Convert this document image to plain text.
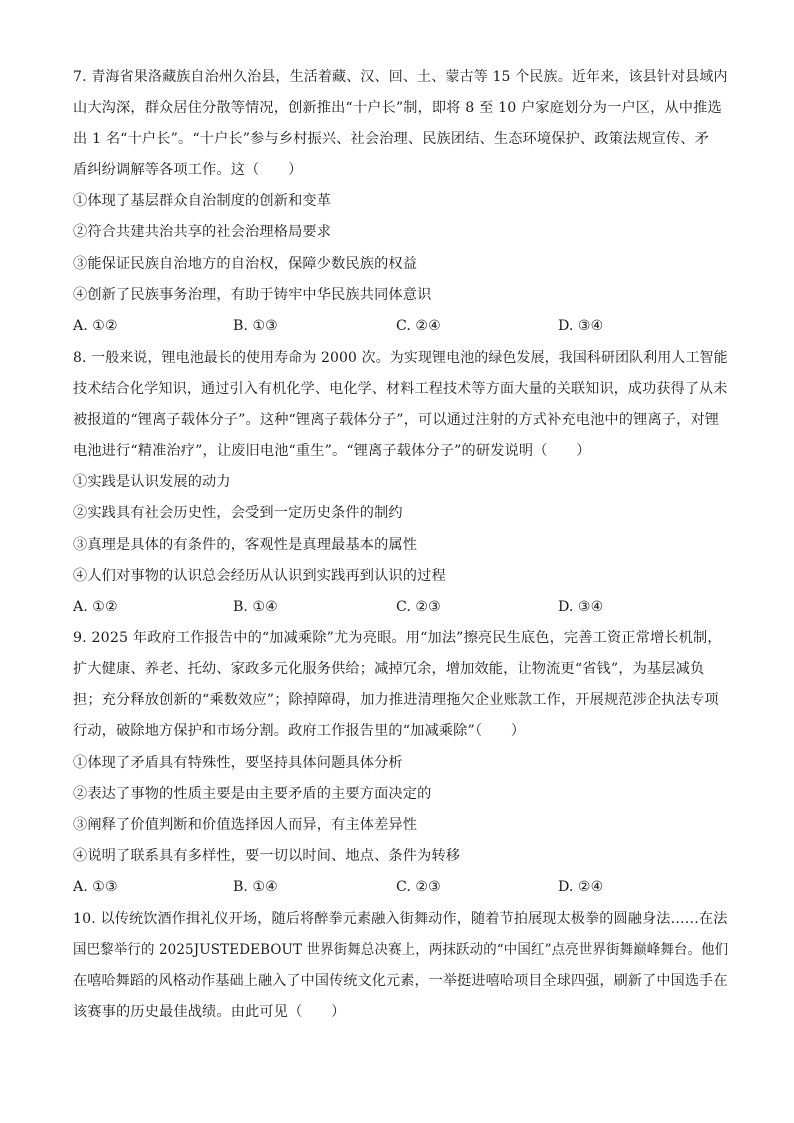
7. 青海省果洛藏族自治州久治县，生活着藏、汉、回、土、蒙古等 15 个民族。近年来，该县针对县域内
山大沟深，群众居住分散等情况，创新推出“十户长”制，即将 8 至 10 户家庭划分为一户区，从中推选
出 1 名“十户长”。“十户长”参与乡村振兴、社会治理、民族团结、生态环境保护、政策法规宣传、矛
盾纠纷调解等各项工作。这（　　）
①体现了基层群众自治制度的创新和变革
②符合共建共治共享的社会治理格局要求
③能保证民族自治地方的自治权，保障少数民族的权益
④创新了民族事务治理，有助于铸牢中华民族共同体意识
A. ①②	B. ①③	C. ②④	D. ③④
8. 一般来说，锂电池最长的使用寿命为 2000 次。为实现锂电池的绿色发展，我国科研团队利用人工智能
技术结合化学知识，通过引入有机化学、电化学、材料工程技术等方面大量的关联知识，成功获得了从未
被报道的“锂离子载体分子”。这种“锂离子载体分子”，可以通过注射的方式补充电池中的锂离子，对锂
电池进行“精准治疗”，让废旧电池“重生”。“锂离子载体分子”的研发说明（　　）
①实践是认识发展的动力
②实践具有社会历史性，会受到一定历史条件的制约
③真理是具体的有条件的，客观性是真理最基本的属性
④人们对事物的认识总会经历从认识到实践再到认识的过程
A. ①②	B. ①④	C. ②③	D. ③④
9. 2025 年政府工作报告中的“加减乘除”尤为亮眼。用“加法”擦亮民生底色，完善工资正常增长机制，
扩大健康、养老、托幼、家政多元化服务供给；减掉冗余，增加效能，让物流更“省钱”，为基层减负
担；充分释放创新的“乘数效应”；除掉障碍，加力推进清理拖欠企业账款工作，开展规范涉企执法专项
行动，破除地方保护和市场分割。政府工作报告里的“加减乘除”（　　）
①体现了矛盾具有特殊性，要坚持具体问题具体分析
②表达了事物的性质主要是由主要矛盾的主要方面决定的
③阐释了价值判断和价值选择因人而异，有主体差异性
④说明了联系具有多样性，要一切以时间、地点、条件为转移
A. ①③	B. ①④	C. ②③	D. ②④
10. 以传统饮酒作揖礼仪开场，随后将醉拳元素融入街舞动作，随着节拍展现太极拳的圆融身法……在法
国巴黎举行的 2025JUSTEDEBOUT 世界街舞总决赛上，两抹跃动的“中国红”点亮世界街舞巅峰舞台。他们
在嘻哈舞蹈的风格动作基础上融入了中国传统文化元素，一举挺进嘻哈项目全球四强，刷新了中国选手在
该赛事的历史最佳战绩。由此可见（　　）
